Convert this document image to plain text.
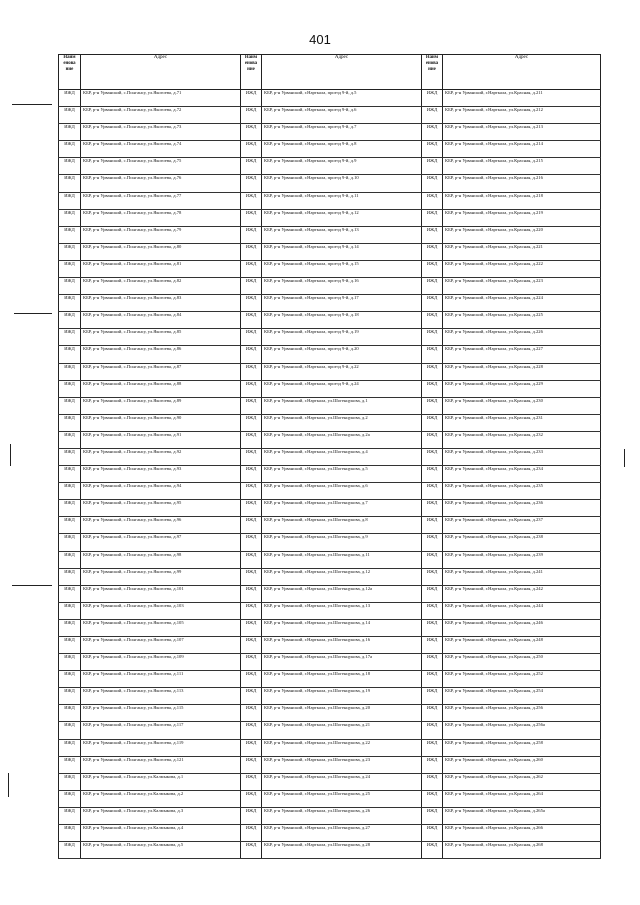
401
Наим енова ние	Адрес	Наим енова ние	Адрес	Наим енова ние	Адрес
ИЖД	КБР, р-н Урванский, с.Псыгансу, ул.Якогоева, д.71	ИЖД	КБР, р-н Урванский, г.Нарткала, проезд 9-й, д.5	ИЖД	КБР, р-н Урванский, г.Нарткала, ул.Красная, д.211
ИЖД	КБР, р-н Урванский, с.Псыгансу, ул.Якогоева, д.72	ИЖД	КБР, р-н Урванский, г.Нарткала, проезд 9-й, д.6	ИЖД	КБР, р-н Урванский, г.Нарткала, ул.Красная, д.212
ИЖД	КБР, р-н Урванский, с.Псыгансу, ул.Якогоева, д.73	ИЖД	КБР, р-н Урванский, г.Нарткала, проезд 9-й, д.7	ИЖД	КБР, р-н Урванский, г.Нарткала, ул.Красная, д.213
ИЖД	КБР, р-н Урванский, с.Псыгансу, ул.Якогоева, д.74	ИЖД	КБР, р-н Урванский, г.Нарткала, проезд 9-й, д.8	ИЖД	КБР, р-н Урванский, г.Нарткала, ул.Красная, д.214
ИЖД	КБР, р-н Урванский, с.Псыгансу, ул.Якогоева, д.75	ИЖД	КБР, р-н Урванский, г.Нарткала, проезд 9-й, д.9	ИЖД	КБР, р-н Урванский, г.Нарткала, ул.Красная, д.215
ИЖД	КБР, р-н Урванский, с.Псыгансу, ул.Якогоева, д.76	ИЖД	КБР, р-н Урванский, г.Нарткала, проезд 9-й, д.10	ИЖД	КБР, р-н Урванский, г.Нарткала, ул.Красная, д.216
ИЖД	КБР, р-н Урванский, с.Псыгансу, ул.Якогоева, д.77	ИЖД	КБР, р-н Урванский, г.Нарткала, проезд 9-й, д.11	ИЖД	КБР, р-н Урванский, г.Нарткала, ул.Красная, д.218
ИЖД	КБР, р-н Урванский, с.Псыгансу, ул.Якогоева, д.78	ИЖД	КБР, р-н Урванский, г.Нарткала, проезд 9-й, д.12	ИЖД	КБР, р-н Урванский, г.Нарткала, ул.Красная, д.219
ИЖД	КБР, р-н Урванский, с.Псыгансу, ул.Якогоева, д.79	ИЖД	КБР, р-н Урванский, г.Нарткала, проезд 9-й, д.13	ИЖД	КБР, р-н Урванский, г.Нарткала, ул.Красная, д.220
ИЖД	КБР, р-н Урванский, с.Псыгансу, ул.Якогоева, д.80	ИЖД	КБР, р-н Урванский, г.Нарткала, проезд 9-й, д.14	ИЖД	КБР, р-н Урванский, г.Нарткала, ул.Красная, д.221
ИЖД	КБР, р-н Урванский, с.Псыгансу, ул.Якогоева, д.81	ИЖД	КБР, р-н Урванский, г.Нарткала, проезд 9-й, д.15	ИЖД	КБР, р-н Урванский, г.Нарткала, ул.Красная, д.222
ИЖД	КБР, р-н Урванский, с.Псыгансу, ул.Якогоева, д.82	ИЖД	КБР, р-н Урванский, г.Нарткала, проезд 9-й, д.16	ИЖД	КБР, р-н Урванский, г.Нарткала, ул.Красная, д.223
ИЖД	КБР, р-н Урванский, с.Псыгансу, ул.Якогоева, д.83	ИЖД	КБР, р-н Урванский, г.Нарткала, проезд 9-й, д.17	ИЖД	КБР, р-н Урванский, г.Нарткала, ул.Красная, д.224
ИЖД	КБР, р-н Урванский, с.Псыгансу, ул.Якогоева, д.84	ИЖД	КБР, р-н Урванский, г.Нарткала, проезд 9-й, д.18	ИЖД	КБР, р-н Урванский, г.Нарткала, ул.Красная, д.225
ИЖД	КБР, р-н Урванский, с.Псыгансу, ул.Якогоева, д.85	ИЖД	КБР, р-н Урванский, г.Нарткала, проезд 9-й, д.19	ИЖД	КБР, р-н Урванский, г.Нарткала, ул.Красная, д.226
ИЖД	КБР, р-н Урванский, с.Псыгансу, ул.Якогоева, д.86	ИЖД	КБР, р-н Урванский, г.Нарткала, проезд 9-й, д.20	ИЖД	КБР, р-н Урванский, г.Нарткала, ул.Красная, д.227
ИЖД	КБР, р-н Урванский, с.Псыгансу, ул.Якогоева, д.87	ИЖД	КБР, р-н Урванский, г.Нарткала, проезд 9-й, д.22	ИЖД	КБР, р-н Урванский, г.Нарткала, ул.Красная, д.228
ИЖД	КБР, р-н Урванский, с.Псыгансу, ул.Якогоева, д.88	ИЖД	КБР, р-н Урванский, г.Нарткала, проезд 9-й, д.24	ИЖД	КБР, р-н Урванский, г.Нарткала, ул.Красная, д.229
ИЖД	КБР, р-н Урванский, с.Псыгансу, ул.Якогоева, д.89	ИЖД	КБР, р-н Урванский, г.Нарткала, ул.Шогенцукова, д.1	ИЖД	КБР, р-н Урванский, г.Нарткала, ул.Красная, д.230
ИЖД	КБР, р-н Урванский, с.Псыгансу, ул.Якогоева, д.90	ИЖД	КБР, р-н Урванский, г.Нарткала, ул.Шогенцукова, д.2	ИЖД	КБР, р-н Урванский, г.Нарткала, ул.Красная, д.231
ИЖД	КБР, р-н Урванский, с.Псыгансу, ул.Якогоева, д.91	ИЖД	КБР, р-н Урванский, г.Нарткала, ул.Шогенцукова, д.2а	ИЖД	КБР, р-н Урванский, г.Нарткала, ул.Красная, д.232
ИЖД	КБР, р-н Урванский, с.Псыгансу, ул.Якогоева, д.92	ИЖД	КБР, р-н Урванский, г.Нарткала, ул.Шогенцукова, д.4	ИЖД	КБР, р-н Урванский, г.Нарткала, ул.Красная, д.233
ИЖД	КБР, р-н Урванский, с.Псыгансу, ул.Якогоева, д.93	ИЖД	КБР, р-н Урванский, г.Нарткала, ул.Шогенцукова, д.5	ИЖД	КБР, р-н Урванский, г.Нарткала, ул.Красная, д.234
ИЖД	КБР, р-н Урванский, с.Псыгансу, ул.Якогоева, д.94	ИЖД	КБР, р-н Урванский, г.Нарткала, ул.Шогенцукова, д.6	ИЖД	КБР, р-н Урванский, г.Нарткала, ул.Красная, д.235
ИЖД	КБР, р-н Урванский, с.Псыгансу, ул.Якогоева, д.95	ИЖД	КБР, р-н Урванский, г.Нарткала, ул.Шогенцукова, д.7	ИЖД	КБР, р-н Урванский, г.Нарткала, ул.Красная, д.236
ИЖД	КБР, р-н Урванский, с.Псыгансу, ул.Якогоева, д.96	ИЖД	КБР, р-н Урванский, г.Нарткала, ул.Шогенцукова, д.8	ИЖД	КБР, р-н Урванский, г.Нарткала, ул.Красная, д.237
ИЖД	КБР, р-н Урванский, с.Псыгансу, ул.Якогоева, д.97	ИЖД	КБР, р-н Урванский, г.Нарткала, ул.Шогенцукова, д.9	ИЖД	КБР, р-н Урванский, г.Нарткала, ул.Красная, д.238
ИЖД	КБР, р-н Урванский, с.Псыгансу, ул.Якогоева, д.98	ИЖД	КБР, р-н Урванский, г.Нарткала, ул.Шогенцукова, д.11	ИЖД	КБР, р-н Урванский, г.Нарткала, ул.Красная, д.239
ИЖД	КБР, р-н Урванский, с.Псыгансу, ул.Якогоева, д.99	ИЖД	КБР, р-н Урванский, г.Нарткала, ул.Шогенцукова, д.12	ИЖД	КБР, р-н Урванский, г.Нарткала, ул.Красная, д.241
ИЖД	КБР, р-н Урванский, с.Псыгансу, ул.Якогоева, д.101	ИЖД	КБР, р-н Урванский, г.Нарткала, ул.Шогенцукова, д.12а	ИЖД	КБР, р-н Урванский, г.Нарткала, ул.Красная, д.242
ИЖД	КБР, р-н Урванский, с.Псыгансу, ул.Якогоева, д.103	ИЖД	КБР, р-н Урванский, г.Нарткала, ул.Шогенцукова, д.13	ИЖД	КБР, р-н Урванский, г.Нарткала, ул.Красная, д.244
ИЖД	КБР, р-н Урванский, с.Псыгансу, ул.Якогоева, д.105	ИЖД	КБР, р-н Урванский, г.Нарткала, ул.Шогенцукова, д.14	ИЖД	КБР, р-н Урванский, г.Нарткала, ул.Красная, д.246
ИЖД	КБР, р-н Урванский, с.Псыгансу, ул.Якогоева, д.107	ИЖД	КБР, р-н Урванский, г.Нарткала, ул.Шогенцукова, д.16	ИЖД	КБР, р-н Урванский, г.Нарткала, ул.Красная, д.248
ИЖД	КБР, р-н Урванский, с.Псыгансу, ул.Якогоева, д.109	ИЖД	КБР, р-н Урванский, г.Нарткала, ул.Шогенцукова, д.17а	ИЖД	КБР, р-н Урванский, г.Нарткала, ул.Красная, д.250
ИЖД	КБР, р-н Урванский, с.Псыгансу, ул.Якогоева, д.111	ИЖД	КБР, р-н Урванский, г.Нарткала, ул.Шогенцукова, д.18	ИЖД	КБР, р-н Урванский, г.Нарткала, ул.Красная, д.252
ИЖД	КБР, р-н Урванский, с.Псыгансу, ул.Якогоева, д.113	ИЖД	КБР, р-н Урванский, г.Нарткала, ул.Шогенцукова, д.19	ИЖД	КБР, р-н Урванский, г.Нарткала, ул.Красная, д.254
ИЖД	КБР, р-н Урванский, с.Псыгансу, ул.Якогоева, д.115	ИЖД	КБР, р-н Урванский, г.Нарткала, ул.Шогенцукова, д.20	ИЖД	КБР, р-н Урванский, г.Нарткала, ул.Красная, д.256
ИЖД	КБР, р-н Урванский, с.Псыгансу, ул.Якогоева, д.117	ИЖД	КБР, р-н Урванский, г.Нарткала, ул.Шогенцукова, д.21	ИЖД	КБР, р-н Урванский, г.Нарткала, ул.Красная, д.256а
ИЖД	КБР, р-н Урванский, с.Псыгансу, ул.Якогоева, д.119	ИЖД	КБР, р-н Урванский, г.Нарткала, ул.Шогенцукова, д.22	ИЖД	КБР, р-н Урванский, г.Нарткала, ул.Красная, д.258
ИЖД	КБР, р-н Урванский, с.Псыгансу, ул.Якогоева, д.121	ИЖД	КБР, р-н Урванский, г.Нарткала, ул.Шогенцукова, д.23	ИЖД	КБР, р-н Урванский, г.Нарткала, ул.Красная, д.260
ИЖД	КБР, р-н Урванский, с.Псыгансу, ул.Калмыкова, д.1	ИЖД	КБР, р-н Урванский, г.Нарткала, ул.Шогенцукова, д.24	ИЖД	КБР, р-н Урванский, г.Нарткала, ул.Красная, д.262
ИЖД	КБР, р-н Урванский, с.Псыгансу, ул.Калмыкова, д.2	ИЖД	КБР, р-н Урванский, г.Нарткала, ул.Шогенцукова, д.25	ИЖД	КБР, р-н Урванский, г.Нарткала, ул.Красная, д.264
ИЖД	КБР, р-н Урванский, с.Псыгансу, ул.Калмыкова, д.3	ИЖД	КБР, р-н Урванский, г.Нарткала, ул.Шогенцукова, д.26	ИЖД	КБР, р-н Урванский, г.Нарткала, ул.Красная, д.265а
ИЖД	КБР, р-н Урванский, с.Псыгансу, ул.Калмыкова, д.4	ИЖД	КБР, р-н Урванский, г.Нарткала, ул.Шогенцукова, д.27	ИЖД	КБР, р-н Урванский, г.Нарткала, ул.Красная, д.266
ИЖД	КБР, р-н Урванский, с.Псыгансу, ул.Калмыкова, д.5	ИЖД	КБР, р-н Урванский, г.Нарткала, ул.Шогенцукова, д.28	ИЖД	КБР, р-н Урванский, г.Нарткала, ул.Красная, д.268
